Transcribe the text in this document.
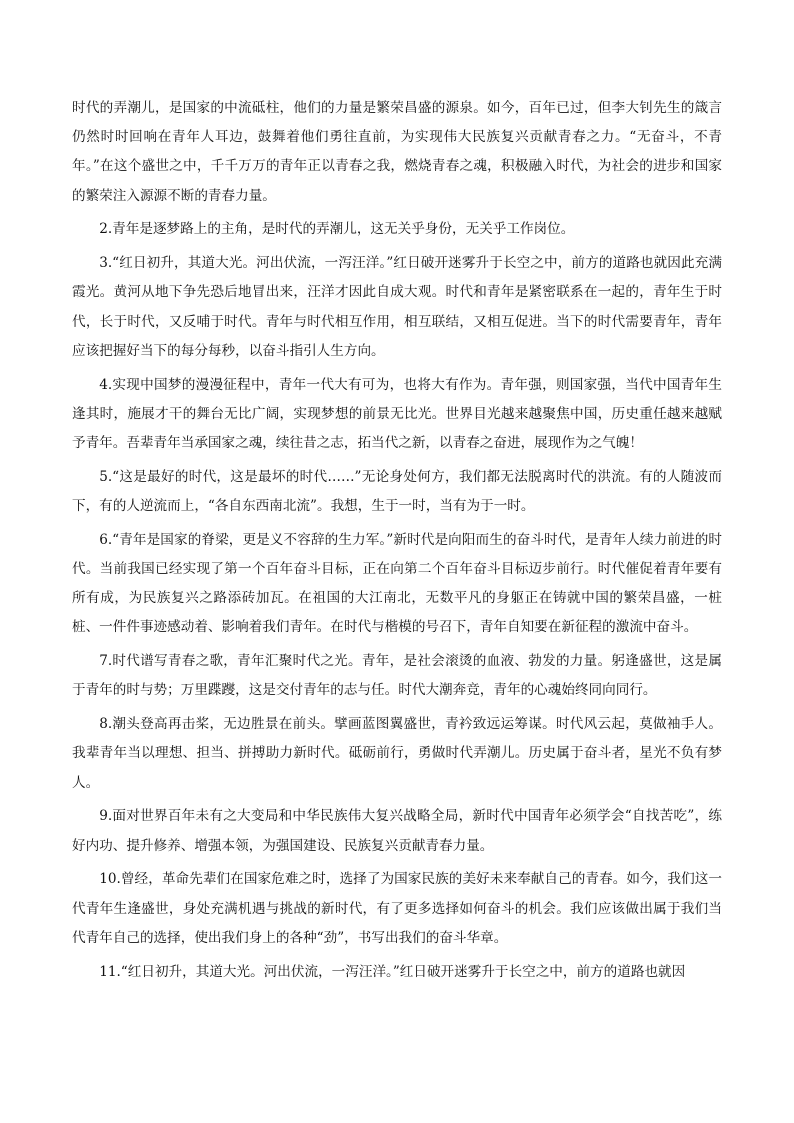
时代的弄潮儿，是国家的中流砥柱，他们的力量是繁荣昌盛的源泉。如今，百年已过，但李大钊先生的箴言仍然时时回响在青年人耳边，鼓舞着他们勇往直前，为实现伟大民族复兴贡献青春之力。“无奋斗，不青年。”在这个盛世之中，千千万万的青年正以青春之我，燃烧青春之魂，积极融入时代，为社会的进步和国家的繁荣注入源源不断的青春力量。

2.青年是逐梦路上的主角，是时代的弄潮儿，这无关乎身份，无关乎工作岗位。

3.“红日初升，其道大光。河出伏流，一泻汪洋。”红日破开迷雾升于长空之中，前方的道路也就因此充满霞光。黄河从地下争先恐后地冒出来，汪洋才因此自成大观。时代和青年是紧密联系在一起的，青年生于时代，长于时代，又反哺于时代。青年与时代相互作用，相互联结，又相互促进。当下的时代需要青年，青年应该把握好当下的每分每秒，以奋斗指引人生方向。

4.实现中国梦的漫漫征程中，青年一代大有可为，也将大有作为。青年强，则国家强，当代中国青年生逢其时，施展才干的舞台无比广阔，实现梦想的前景无比光。世界目光越来越聚焦中国，历史重任越来越赋予青年。吾辈青年当承国家之魂，续往昔之志，拓当代之新，以青春之奋进，展现作为之气魄！

5.“这是最好的时代，这是最坏的时代……”无论身处何方，我们都无法脱离时代的洪流。有的人随波而下，有的人逆流而上，“各自东西南北流”。我想，生于一时，当有为于一时。

6.“青年是国家的脊梁，更是义不容辞的生力军。”新时代是向阳而生的奋斗时代，是青年人续力前进的时代。当前我国已经实现了第一个百年奋斗目标，正在向第二个百年奋斗目标迈步前行。时代催促着青年要有所有成，为民族复兴之路添砖加瓦。在祖国的大江南北，无数平凡的身躯正在铸就中国的繁荣昌盛，一桩桩、一件件事迹感动着、影响着我们青年。在时代与楷模的号召下，青年自知要在新征程的激流中奋斗。

7.时代谱写青春之歌，青年汇聚时代之光。青年，是社会滚烫的血液、勃发的力量。躬逢盛世，这是属于青年的时与势；万里蹀躞，这是交付青年的志与任。时代大潮奔竞，青年的心魂始终同向同行。

8.潮头登高再击桨，无边胜景在前头。擘画蓝图翼盛世，青衿致远运筹谋。时代风云起，莫做袖手人。我辈青年当以理想、担当、拼搏助力新时代。砥砺前行，勇做时代弄潮儿。历史属于奋斗者，星光不负有梦人。

9.面对世界百年未有之大变局和中华民族伟大复兴战略全局，新时代中国青年必须学会“自找苦吃”，练好内功、提升修养、增强本领，为强国建设、民族复兴贡献青春力量。

10.曾经，革命先辈们在国家危难之时，选择了为国家民族的美好未来奉献自己的青春。如今，我们这一代青年生逢盛世，身处充满机遇与挑战的新时代，有了更多选择如何奋斗的机会。我们应该做出属于我们当代青年自己的选择，使出我们身上的各种“劲”，书写出我们的奋斗华章。

11.“红日初升，其道大光。河出伏流，一泻汪洋。”红日破开迷雾升于长空之中，前方的道路也就因
